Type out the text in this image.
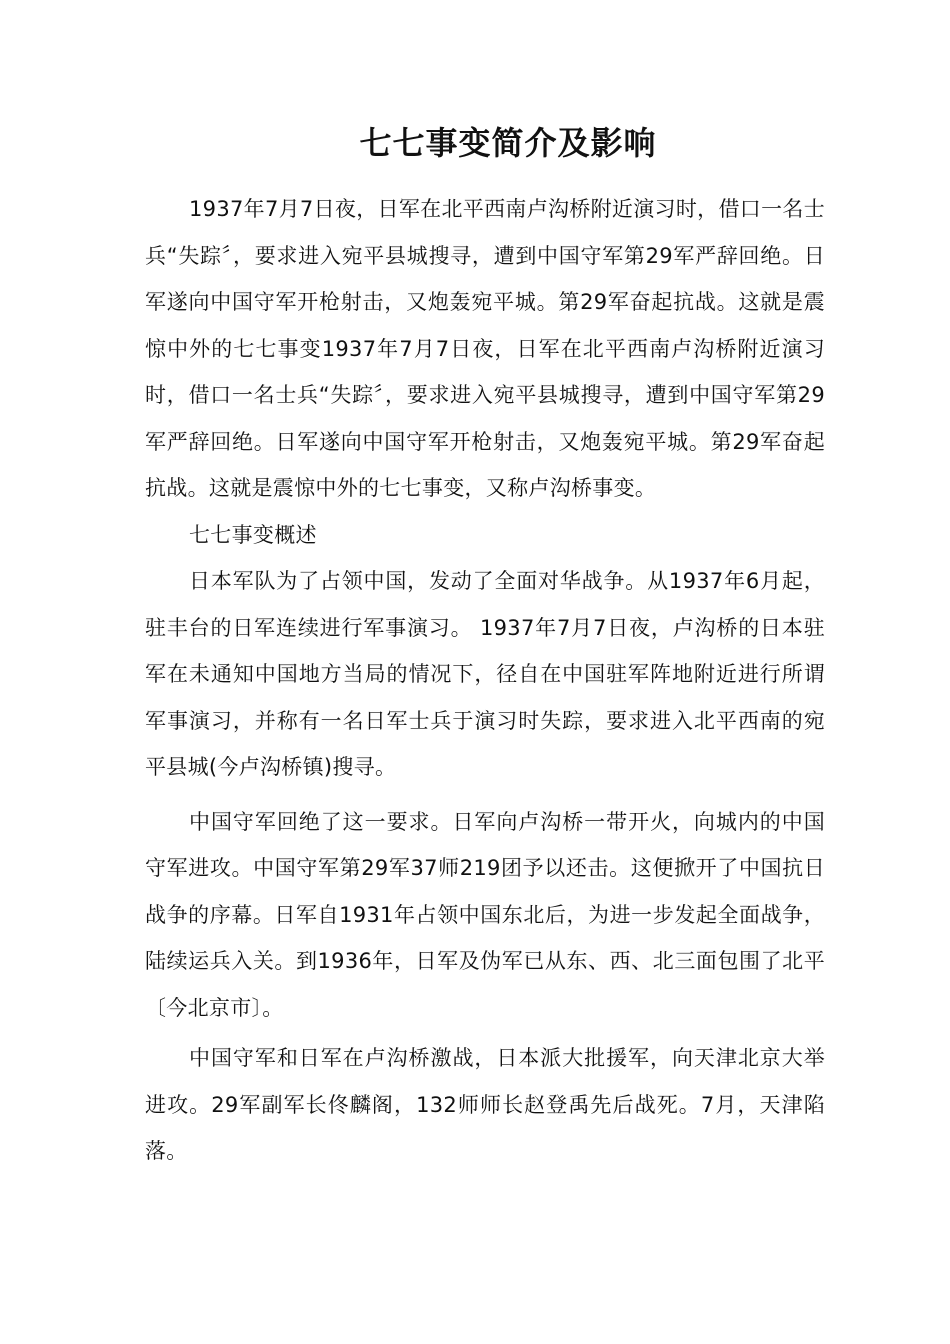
七七事变简介及影响

1937年7月7日夜，日军在北平西南卢沟桥附近演习时，借口一名士兵“失踪〞，要求进入宛平县城搜寻，遭到中国守军第29军严辞回绝。日军遂向中国守军开枪射击，又炮轰宛平城。第29军奋起抗战。这就是震惊中外的七七事变1937年7月7日夜，日军在北平西南卢沟桥附近演习时，借口一名士兵“失踪〞，要求进入宛平县城搜寻，遭到中国守军第29军严辞回绝。日军遂向中国守军开枪射击，又炮轰宛平城。第29军奋起抗战。这就是震惊中外的七七事变，又称卢沟桥事变。

七七事变概述

日本军队为了占领中国，发动了全面对华战争。从1937年6月起，驻丰台的日军连续进行军事演习。 1937年7月7日夜，卢沟桥的日本驻军在未通知中国地方当局的情况下，径自在中国驻军阵地附近进行所谓军事演习，并称有一名日军士兵于演习时失踪，要求进入北平西南的宛平县城(今卢沟桥镇)搜寻。

中国守军回绝了这一要求。日军向卢沟桥一带开火，向城内的中国守军进攻。中国守军第29军37师219团予以还击。这便掀开了中国抗日战争的序幕。日军自1931年占领中国东北后，为进一步发起全面战争，陆续运兵入关。到1936年，日军及伪军已从东、西、北三面包围了北平〔今北京市〕。

中国守军和日军在卢沟桥激战，日本派大批援军，向天津北京大举进攻。29军副军长佟麟阁，132师师长赵登禹先后战死。7月，天津陷落。
